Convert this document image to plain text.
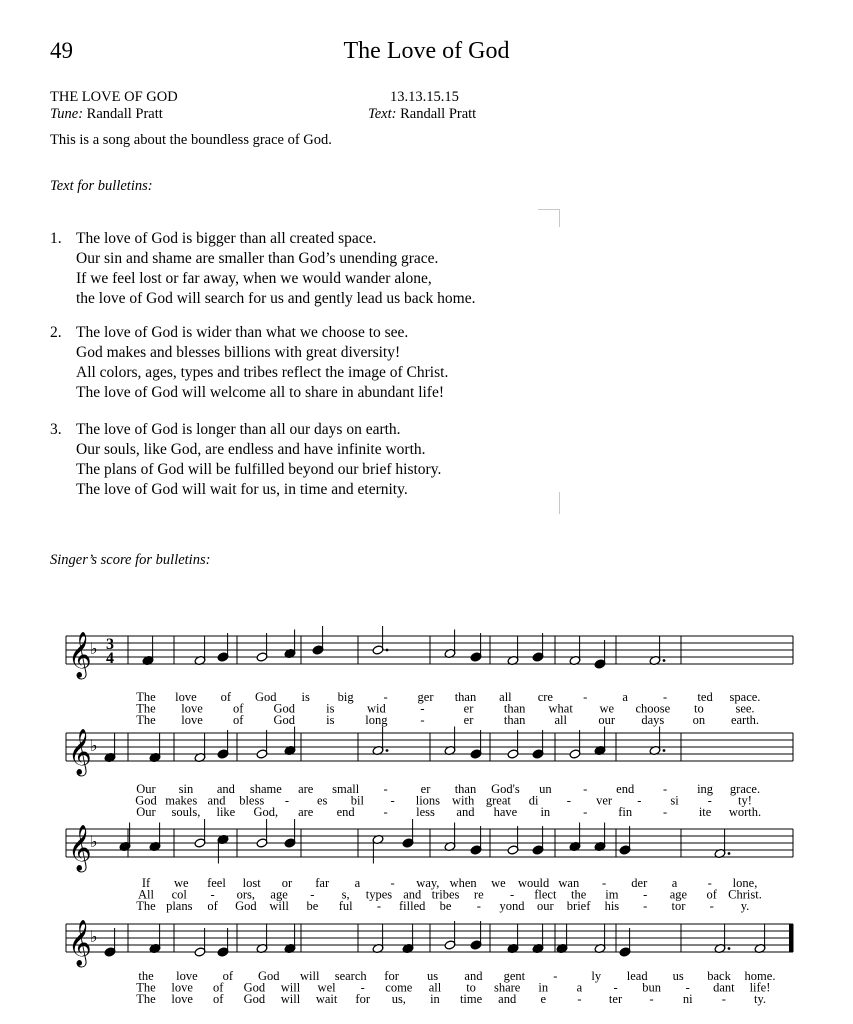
49	The Love of God
THE LOVE OF GOD	13.13.15.15
Tune: Randall Pratt	Text: Randall Pratt
This is a song about the boundless grace of God.
Text for bulletins:
1. The love of God is bigger than all created space.
Our sin and shame are smaller than God’s unending grace.
If we feel lost or far away, when we would wander alone,
the love of God will search for us and gently lead us back home.
2. The love of God is wider than what we choose to see.
God makes and blesses billions with great diversity!
All colors, ages, types and tribes reflect the image of Christ.
The love of God will welcome all to share in abundant life!
3. The love of God is longer than all our days on earth.
Our souls, like God, are endless and have infinite worth.
The plans of God will be fulfilled beyond our brief history.
The love of God will wait for us, in time and eternity.
Singer’s score for bulletins:
𝄞
♭ 3
4
𝄞
♭
𝄞
♭
𝄞
♭
The love of God is big - ger than all cre -	a	- ted space.
The love of God is	wid	-	er than what we choose to	see.
The love of God is long	-	er than all	our days on earth.
Our sin and shame are small -	er than God's un	- end - ing grace.
God makes and bless - es bil - lions with great di - ver - si - ty!
Our souls, like God, are end - less and have in	- fin -	ite worth.
If we feel lost or far a - way, when we would wan - der a - lone,
All col - ors, age - s, types and tribes re - flect the im - age of Christ.
The plans of God will be ful - filled be - yond our brief his - tor - y.
the love of God will search for us and gent -	ly lead us back home.
The love of God will wel - come all to share in a	- bun - dant life!
The love of God will wait for us, in time and e	- ter - ni - ty.
